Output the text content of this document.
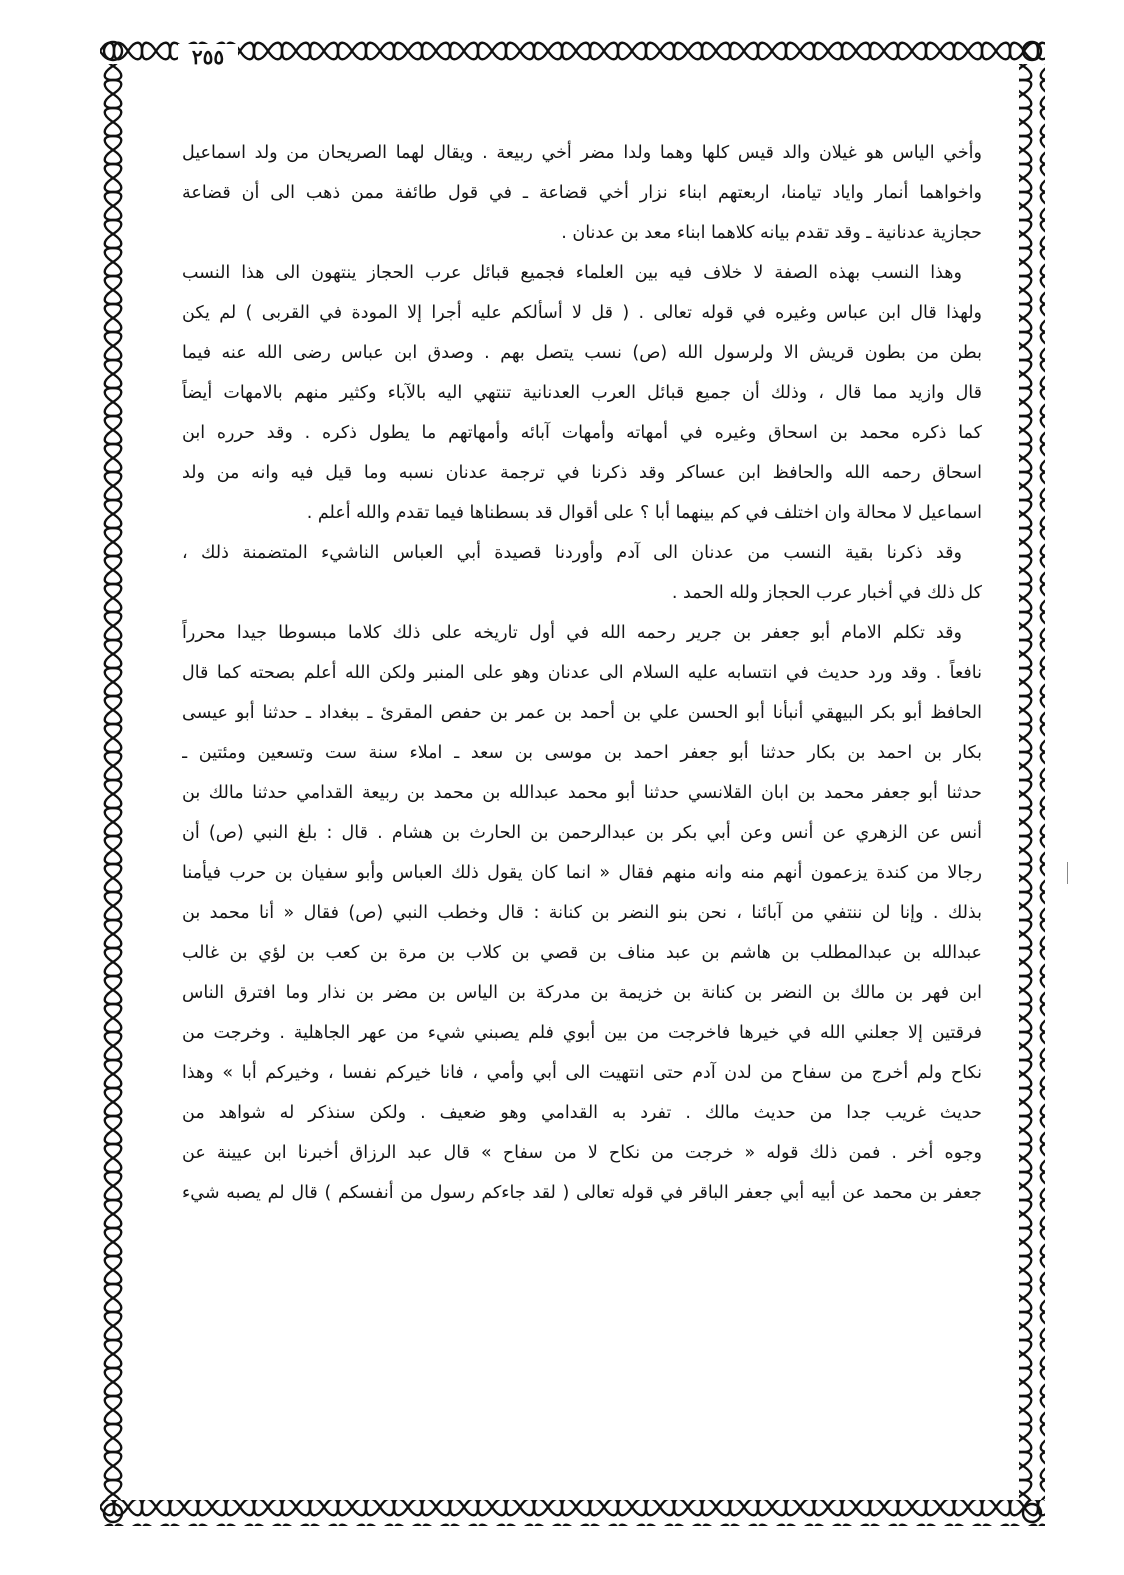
٢٥٥
وأخي الياس هو غيلان والد قيس كلها وهما ولدا مضر أخي ربيعة . ويقال لهما الصريحان من ولد اسماعيل
واخواهما أنمار واياد تيامنا، اربعتهم ابناء نزار أخي قضاعة ـ في قول طائفة ممن ذهب الى أن قضاعة
حجازية عدنانية ـ وقد تقدم بيانه كلاهما ابناء معد بن عدنان .
وهذا النسب بهذه الصفة لا خلاف فيه بين العلماء فجميع قبائل عرب الحجاز ينتهون الى هذا النسب
ولهذا قال ابن عباس وغيره في قوله تعالى . ( قل لا أسألكم عليه أجرا إلا المودة في القربى ) لم يكن
بطن من بطون قريش الا ولرسول الله (ص) نسب يتصل بهم . وصدق ابن عباس رضى الله عنه فيما
قال وازيد مما قال ، وذلك أن جميع قبائل العرب العدنانية تنتهي اليه بالآباء وكثير منهم بالامهات أيضاً
كما ذكره محمد بن اسحاق وغيره في أمهاته وأمهات آبائه وأمهاتهم ما يطول ذكره . وقد حرره ابن
اسحاق رحمه الله والحافظ ابن عساكر وقد ذكرنا في ترجمة عدنان نسبه وما قيل فيه وانه من ولد
اسماعيل لا محالة وان اختلف في كم بينهما أبا ؟ على أقوال قد بسطناها فيما تقدم والله أعلم .
وقد ذكرنا بقية النسب من عدنان الى آدم وأوردنا قصيدة أبي العباس الناشيء المتضمنة ذلك ،
كل ذلك في أخبار عرب الحجاز ولله الحمد .
وقد تكلم الامام أبو جعفر بن جرير رحمه الله في أول تاريخه على ذلك كلاما مبسوطا جيدا محرراً
نافعاً . وقد ورد حديث في انتسابه عليه السلام الى عدنان وهو على المنبر ولكن الله أعلم بصحته كما قال
الحافظ أبو بكر البيهقي أنبأنا أبو الحسن علي بن أحمد بن عمر بن حفص المقرئ ـ ببغداد ـ حدثنا أبو عيسى
بكار بن احمد بن بكار حدثنا أبو جعفر احمد بن موسى بن سعد ـ املاء سنة ست وتسعين ومئتين ـ
حدثنا أبو جعفر محمد بن ابان القلانسي حدثنا أبو محمد عبدالله بن محمد بن ربيعة القدامي حدثنا مالك بن
أنس عن الزهري عن أنس وعن أبي بكر بن عبدالرحمن بن الحارث بن هشام . قال : بلغ النبي (ص) أن
رجالا من كندة يزعمون أنهم منه وانه منهم فقال « انما كان يقول ذلك العباس وأبو سفيان بن حرب فيأمنا
بذلك . وإنا لن ننتفي من آبائنا ، نحن بنو النضر بن كنانة : قال وخطب النبي (ص) فقال « أنا محمد بن
عبدالله بن عبدالمطلب بن هاشم بن عبد مناف بن قصي بن كلاب بن مرة بن كعب بن لؤي بن غالب
ابن فهر بن مالك بن النضر بن كنانة بن خزيمة بن مدركة بن الياس بن مضر بن نذار وما افترق الناس
فرقتين إلا جعلني الله في خيرها فاخرجت من بين أبوي فلم يصبني شيء من عهر الجاهلية . وخرجت من
نكاح ولم أخرج من سفاح من لدن آدم حتى انتهيت الى أبي وأمي ، فانا خيركم نفسا ، وخيركم أبا » وهذا
حديث غريب جدا من حديث مالك . تفرد به القدامي وهو ضعيف . ولكن سنذكر له شواهد من
وجوه أخر . فمن ذلك قوله « خرجت من نكاح لا من سفاح » قال عبد الرزاق أخبرنا ابن عيينة عن
جعفر بن محمد عن أبيه أبي جعفر الباقر في قوله تعالى ( لقد جاءكم رسول من أنفسكم ) قال لم يصبه شيء
